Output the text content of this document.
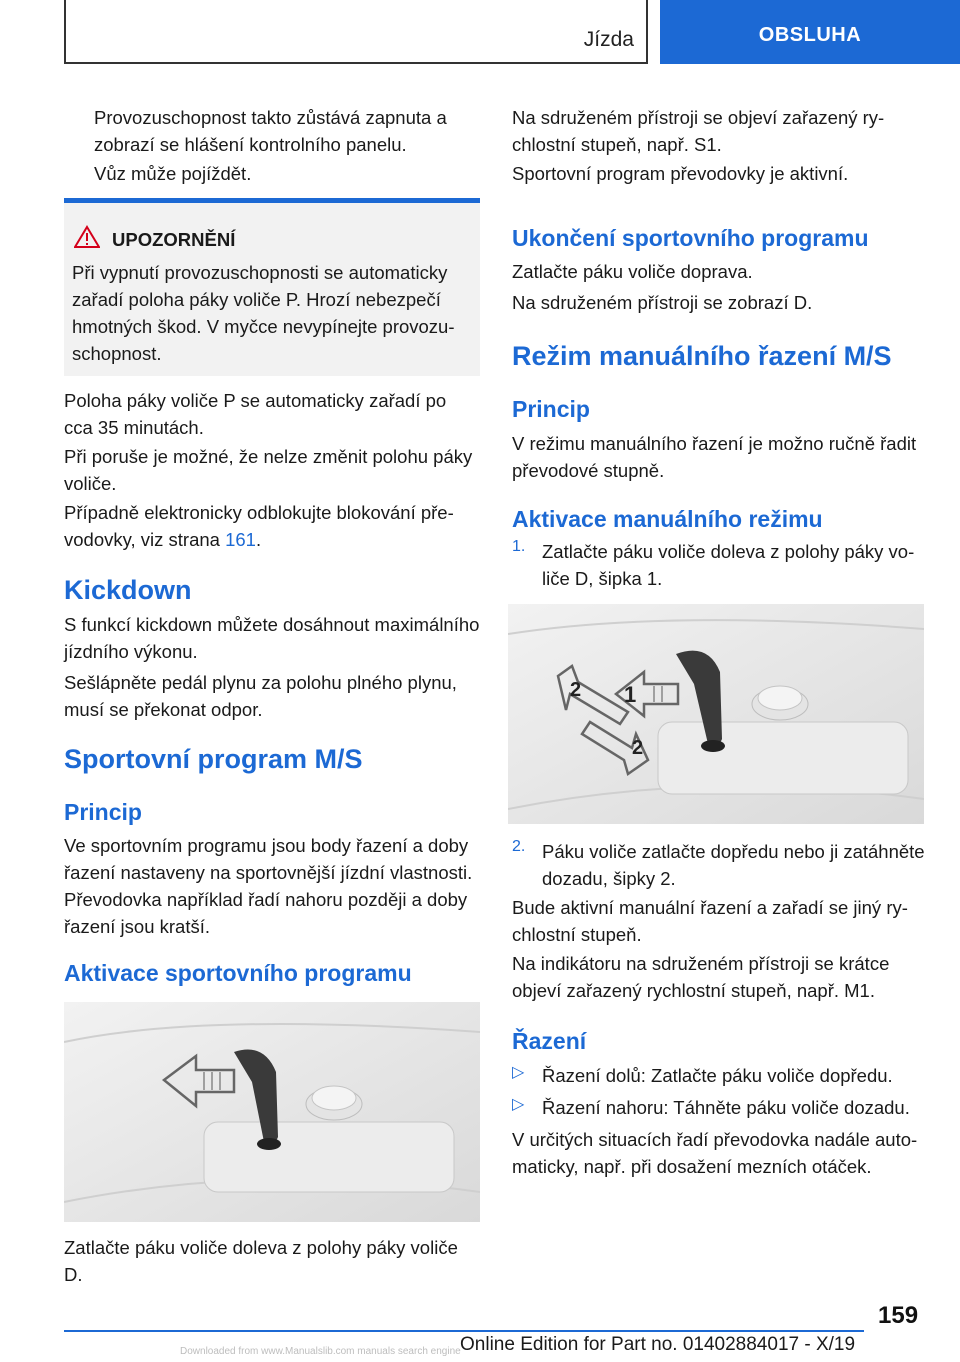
Jízda	OBSLUHA

Provozuschopnost takto zůstává zapnuta a zobrazí se hlášení kontrolního panelu.

Vůz může pojíždět.

UPOZORNĚNÍ

Při vypnutí provozuschopnosti se automaticky zařadí poloha páky voliče P. Hrozí nebezpečí hmotných škod. V myčce nevypínejte provozuschopnost.

Poloha páky voliče P se automaticky zařadí po cca 35 minutách.

Při poruše je možné, že nelze změnit polohu páky voliče.

Případně elektronicky odblokujte blokování převodovky, viz strana 161.

Kickdown

S funkcí kickdown můžete dosáhnout maximálního jízdního výkonu.

Sešlápněte pedál plynu za polohu plného plynu, musí se překonat odpor.

Sportovní program M/S
Princip

Ve sportovním programu jsou body řazení a doby řazení nastaveny na sportovnější jízdní vlastnosti. Převodovka například řadí nahoru později a doby řazení jsou kratší.

Aktivace sportovního programu

Zatlačte páku voliče doleva z polohy páky voliče D.

Na sdruženém přístroji se objeví zařazený rychlostní stupeň, např. S1.

Sportovní program převodovky je aktivní.

Ukončení sportovního programu

Zatlačte páku voliče doprava.

Na sdruženém přístroji se zobrazí D.

Režim manuálního řazení M/S
Princip

V režimu manuálního řazení je možno ručně řadit převodové stupně.

Aktivace manuálního režimu
1. Zatlačte páku voliče doleva z polohy páky voliče D, šipka 1.

1
2
2
2. Páku voliče zatlačte dopředu nebo ji zatáhněte dozadu, šipky 2.

Bude aktivní manuální řazení a zařadí se jiný rychlostní stupeň.

Na indikátoru na sdruženém přístroji se krátce objeví zařazený rychlostní stupeň, např. M1.

Řazení
▷ Řazení dolů: Zatlačte páku voliče dopředu.

▷ Řazení nahoru: Táhněte páku voliče dozadu.

V určitých situacích řadí převodovka nadále automaticky, např. při dosažení mezních otáček.

159
Online Edition for Part no. 01402884017 - X/19
Downloaded from www.Manualslib.com manuals search engine
